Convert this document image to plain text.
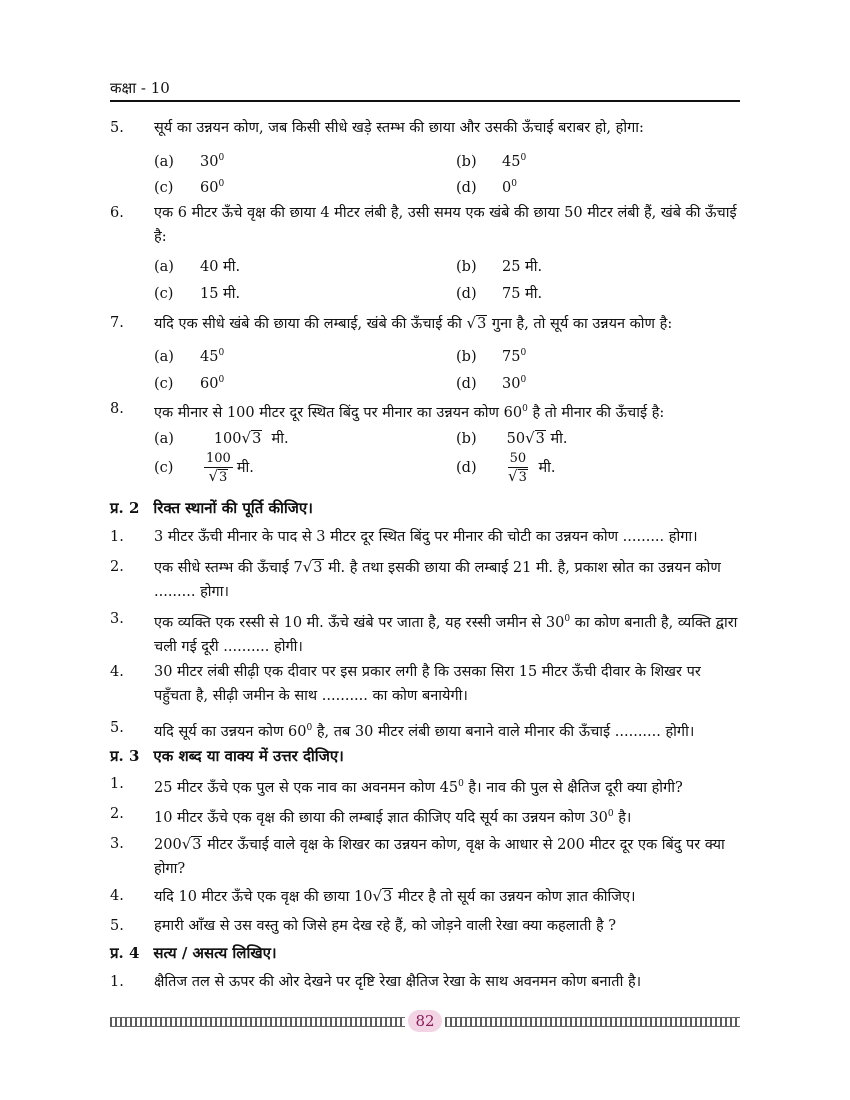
कक्षा - 10
5.	सूर्य का उन्नयन कोण, जब किसी सीधे खड़े स्तम्भ की छाया और उसकी ऊँचाई बराबर हो, होगा:
(a) $30^0$	(b) $45^0$
(c) $60^0$	(d) $0^0$
6.	एक 6 मीटर ऊँचे वृक्ष की छाया 4 मीटर लंबी है, उसी समय एक खंबे की छाया 50 मीटर लंबी हैं, खंबे की ऊँचाई है:
(a) 40 मी.	(b) 25 मी.
(c) 15 मी.	(d) 75 मी.
7.	यदि एक सीधे खंबे की छाया की लम्बाई, खंबे की ऊँचाई की √3 गुना है, तो सूर्य का उन्नयन कोण है:
(a) $45^0$	(b) $75^0$
(c) $60^0$	(d) $30^0$
8.	एक मीनार से 100 मीटर दूर स्थित बिंदु पर मीनार का उन्नयन कोण $60^0$ है तो मीनार की ऊँचाई है:
(a)	100√3 मी.	(b) 50√3 मी.
$(c) \frac{100}{√3}$ मी.	$(d) \frac{50}{√3}$ मी.
प्र. 2 रिक्त स्थानों की पूर्ति कीजिए।
1.	3 मीटर ऊँची मीनार के पाद से 3 मीटर दूर स्थित बिंदु पर मीनार की चोटी का उन्नयन कोण ......... होगा।
2.	एक सीधे स्तम्भ की ऊँचाई 7√3 मी. है तथा इसकी छाया की लम्बाई 21 मी. है, प्रकाश स्रोत का उन्नयन कोण ......... होगा।
3.	एक व्यक्ति एक रस्सी से 10 मी. ऊँचे खंबे पर जाता है, यह रस्सी जमीन से $30^0$ का कोण बनाती है, व्यक्ति द्वारा चली गई दूरी .......... होगी।
4.	30 मीटर लंबी सीढ़ी एक दीवार पर इस प्रकार लगी है कि उसका सिरा 15 मीटर ऊँची दीवार के शिखर पर पहुँचता है, सीढ़ी जमीन के साथ .......... का कोण बनायेगी।
5.	यदि सूर्य का उन्नयन कोण $60^0$ है, तब 30 मीटर लंबी छाया बनाने वाले मीनार की ऊँचाई .......... होगी।
प्र. 3 एक शब्द या वाक्य में उत्तर दीजिए।
1.	25 मीटर ऊँचे एक पुल से एक नाव का अवनमन कोण $45^0$ है। नाव की पुल से क्षैतिज दूरी क्या होगी?
2.	10 मीटर ऊँचे एक वृक्ष की छाया की लम्बाई ज्ञात कीजिए यदि सूर्य का उन्नयन कोण $30^0$ है।
3.	200√3 मीटर ऊँचाई वाले वृक्ष के शिखर का उन्नयन कोण, वृक्ष के आधार से 200 मीटर दूर एक बिंदु पर क्या होगा?
4.	यदि 10 मीटर ऊँचे एक वृक्ष की छाया 10√3 मीटर है तो सूर्य का उन्नयन कोण ज्ञात कीजिए।
5.	हमारी आँख से उस वस्तु को जिसे हम देख रहे हैं, को जोड़ने वाली रेखा क्या कहलाती है ?
प्र. 4 सत्य / असत्य लिखिए।
1.	क्षैतिज तल से ऊपर की ओर देखने पर दृष्टि रेखा क्षैतिज रेखा के साथ अवनमन कोण बनाती है।
82
